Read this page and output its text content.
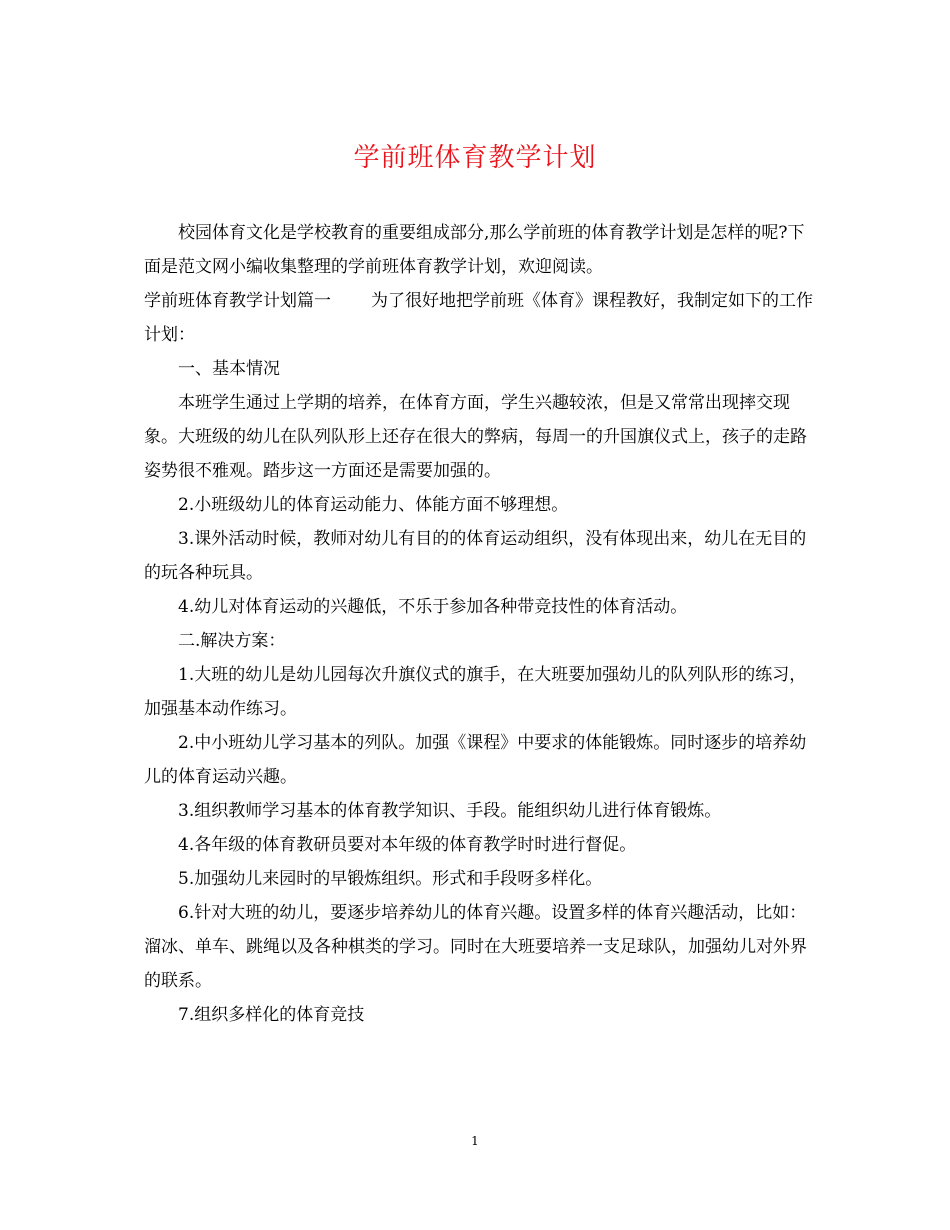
学前班体育教学计划

校园体育文化是学校教育的重要组成部分,那么学前班的体育教学计划是怎样的呢?下面是范文网小编收集整理的学前班体育教学计划，欢迎阅读。

学前班体育教学计划篇一 为了很好地把学前班《体育》课程教好，我制定如下的工作计划：

一、基本情况

本班学生通过上学期的培养，在体育方面，学生兴趣较浓，但是又常常出现摔交现象。大班级的幼儿在队列队形上还存在很大的弊病，每周一的升国旗仪式上，孩子的走路姿势很不雅观。踏步这一方面还是需要加强的。

2.小班级幼儿的体育运动能力、体能方面不够理想。

3.课外活动时候，教师对幼儿有目的的体育运动组织，没有体现出来，幼儿在无目的的玩各种玩具。

4.幼儿对体育运动的兴趣低，不乐于参加各种带竞技性的体育活动。

二.解决方案：

1.大班的幼儿是幼儿园每次升旗仪式的旗手，在大班要加强幼儿的队列队形的练习，加强基本动作练习。

2.中小班幼儿学习基本的列队。加强《课程》中要求的体能锻炼。同时逐步的培养幼儿的体育运动兴趣。

3.组织教师学习基本的体育教学知识、手段。能组织幼儿进行体育锻炼。

4.各年级的体育教研员要对本年级的体育教学时时进行督促。

5.加强幼儿来园时的早锻炼组织。形式和手段呀多样化。

6.针对大班的幼儿，要逐步培养幼儿的体育兴趣。设置多样的体育兴趣活动，比如：溜冰、单车、跳绳以及各种棋类的学习。同时在大班要培养一支足球队，加强幼儿对外界的联系。

7.组织多样化的体育竞技

1
